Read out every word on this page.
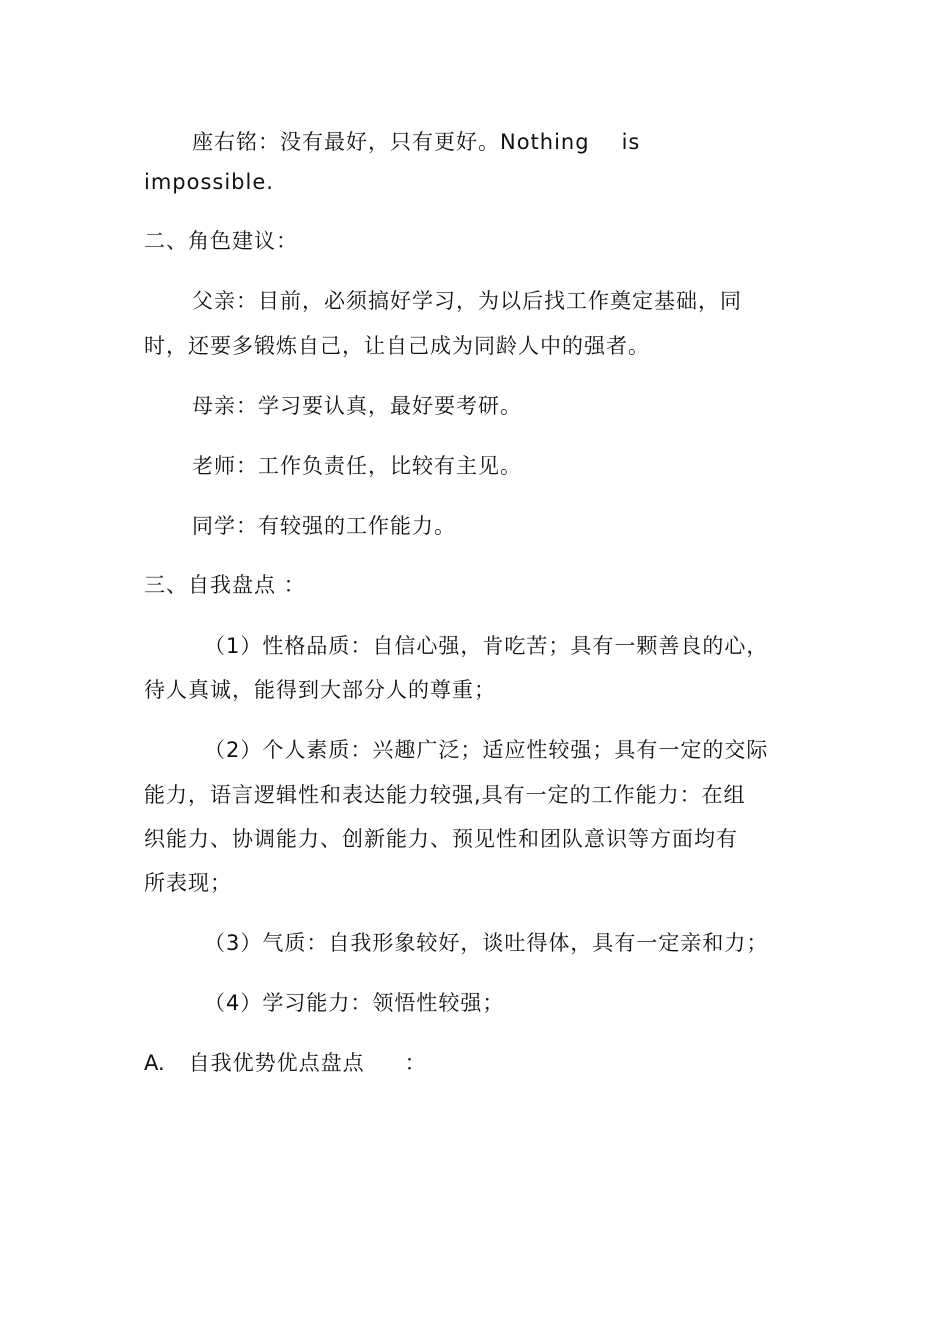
座右铭：没有最好，只有更好。Nothing is
impossible.
二、角色建议：
父亲：目前，必须搞好学习，为以后找工作奠定基础，同
时，还要多锻炼自己，让自己成为同龄人中的强者。
母亲：学习要认真，最好要考研。
老师：工作负责任，比较有主见。
同学：有较强的工作能力。
三、自我盘点 ：
（1）性格品质：自信心强，肯吃苦；具有一颗善良的心，
待人真诚，能得到大部分人的尊重；
（2）个人素质：兴趣广泛；适应性较强；具有一定的交际
能力，语言逻辑性和表达能力较强,具有一定的工作能力：在组
织能力、协调能力、创新能力、预见性和团队意识等方面均有
所表现；
（3）气质：自我形象较好，谈吐得体，具有一定亲和力；
（4）学习能力：领悟性较强；
A. 自我优势优点盘点 ：
